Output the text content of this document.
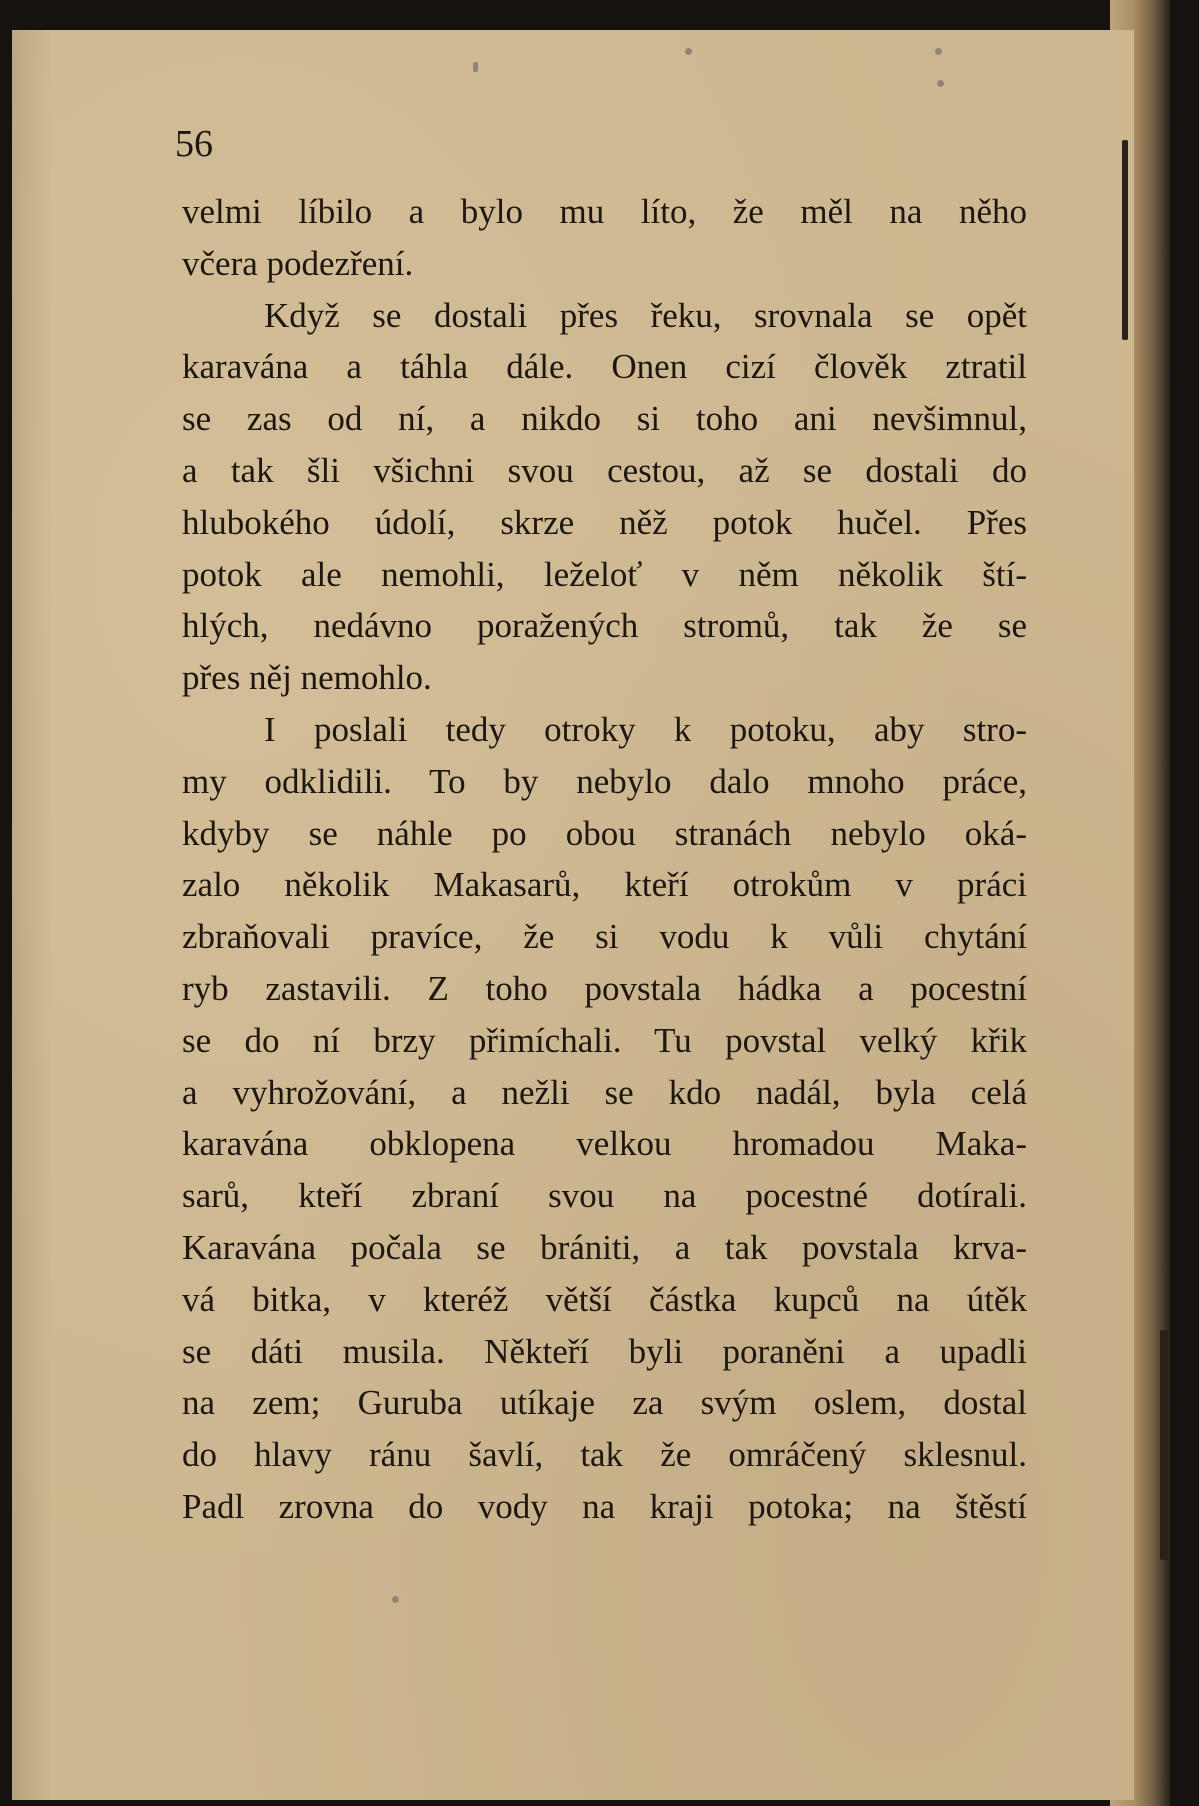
56
velmi líbilo a bylo mu líto, že měl na něho
včera podezření.
Když se dostali přes řeku, srovnala se opět
karavána a táhla dále. Onen cizí člověk ztratil
se zas od ní, a nikdo si toho ani nevšimnul,
a tak šli všichni svou cestou, až se dostali do
hlubokého údolí, skrze něž potok hučel. Přes
potok ale nemohli, leželoť v něm několik ští-
hlých, nedávno poražených stromů, tak že se
přes něj nemohlo.
I poslali tedy otroky k potoku, aby stro-
my odklidili. To by nebylo dalo mnoho práce,
kdyby se náhle po obou stranách nebylo oká-
zalo několik Makasarů, kteří otrokům v práci
zbraňovali pravíce, že si vodu k vůli chytání
ryb zastavili. Z toho povstala hádka a pocestní
se do ní brzy přimíchali. Tu povstal velký křik
a vyhrožování, a nežli se kdo nadál, byla celá
karavána obklopena velkou hromadou Maka-
sarů, kteří zbraní svou na pocestné dotírali.
Karavána počala se brániti, a tak povstala krva-
vá bitka, v kteréž větší částka kupců na útěk
se dáti musila. Někteří byli poraněni a upadli
na zem; Guruba utíkaje za svým oslem, dostal
do hlavy ránu šavlí, tak že omráčený sklesnul.
Padl zrovna do vody na kraji potoka; na štěstí
